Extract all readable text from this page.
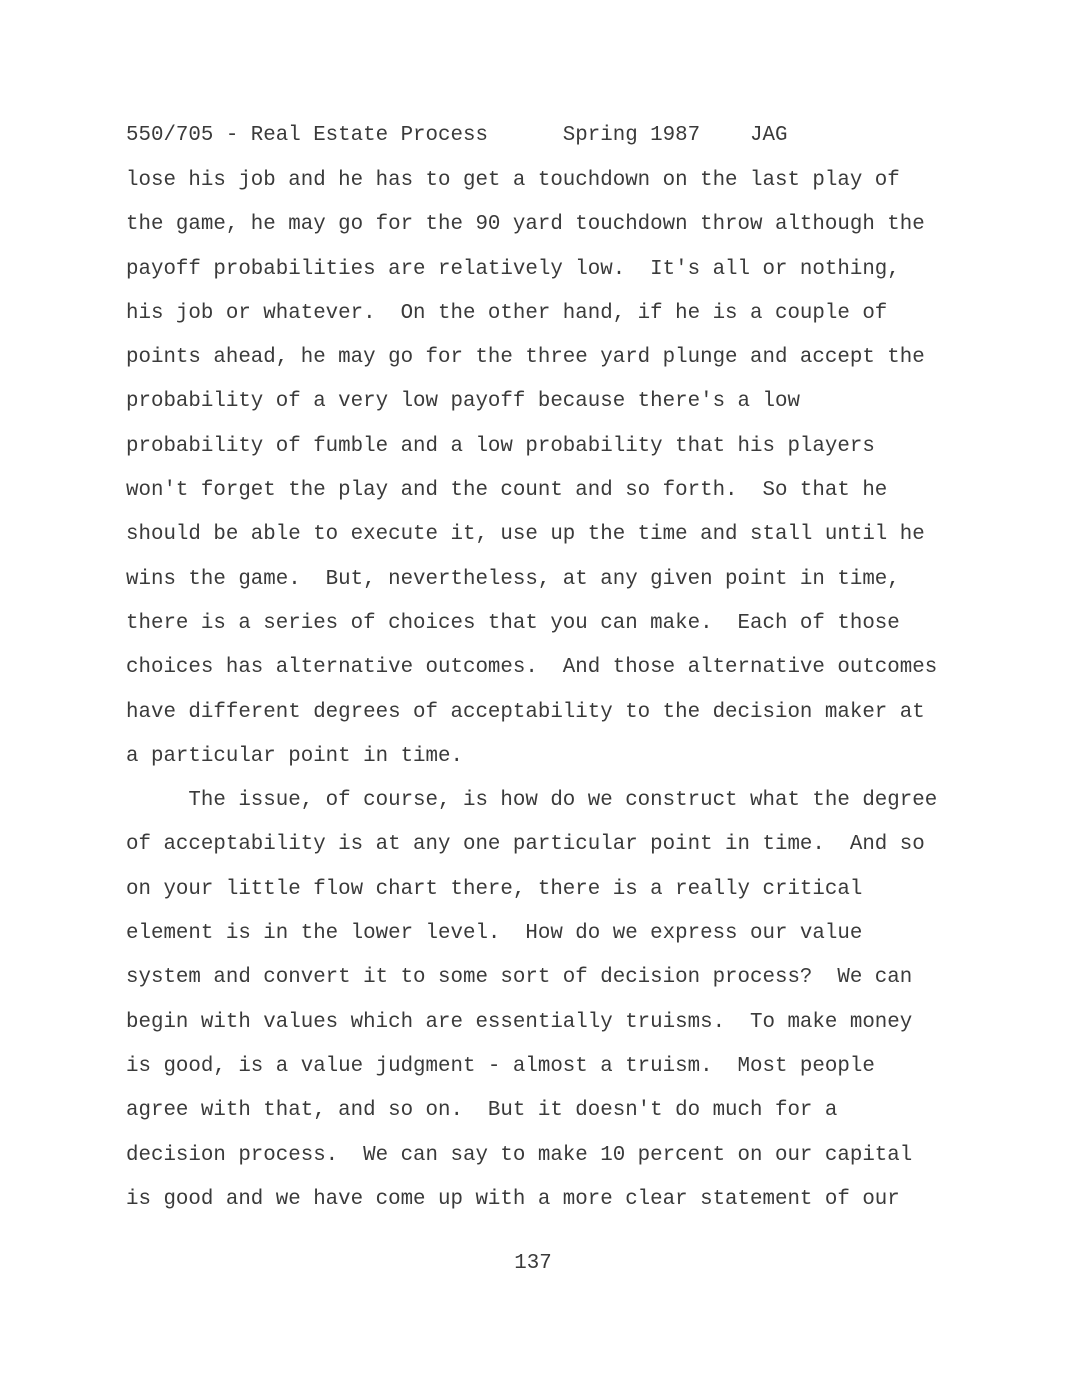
550/705 - Real Estate Process      Spring 1987    JAG
lose his job and he has to get a touchdown on the last play of
the game, he may go for the 90 yard touchdown throw although the
payoff probabilities are relatively low.  It's all or nothing,
his job or whatever.  On the other hand, if he is a couple of
points ahead, he may go for the three yard plunge and accept the
probability of a very low payoff because there's a low
probability of fumble and a low probability that his players
won't forget the play and the count and so forth.  So that he
should be able to execute it, use up the time and stall until he
wins the game.  But, nevertheless, at any given point in time,
there is a series of choices that you can make.  Each of those
choices has alternative outcomes.  And those alternative outcomes
have different degrees of acceptability to the decision maker at
a particular point in time.
The issue, of course, is how do we construct what the degree
of acceptability is at any one particular point in time.  And so
on your little flow chart there, there is a really critical
element is in the lower level.  How do we express our value
system and convert it to some sort of decision process?  We can
begin with values which are essentially truisms.  To make money
is good, is a value judgment - almost a truism.  Most people
agree with that, and so on.  But it doesn't do much for a
decision process.  We can say to make 10 percent on our capital
is good and we have come up with a more clear statement of our
137
